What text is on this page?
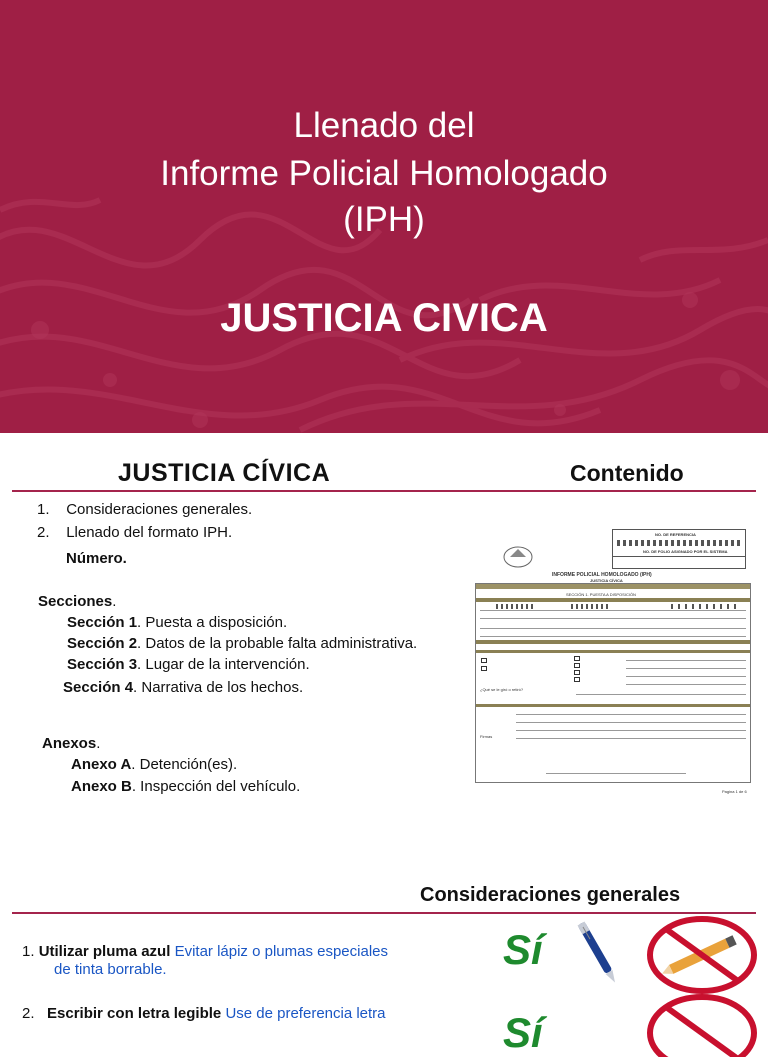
Llenado del
Informe Policial Homologado
(IPH)
JUSTICIA CIVICA
JUSTICIA CÍVICA	Contenido
1. Consideraciones generales.
2. Llenado del formato IPH.
Número.
Secciones.
Sección 1. Puesta a disposición.
Sección 2. Datos de la probable falta administrativa.
Sección 3. Lugar de la intervención.
Sección 4. Narrativa de los hechos.
Anexos.
Anexo A. Detención(es).
Anexo B. Inspección del vehículo.
NO. DE REFERENCIA
NO. DE FOLIO ASIGNADO POR EL SISTEMA
INFORME POLICIAL HOMOLOGADO (IPH)
JUSTICIA CÍVICA
SECCIÓN 1. PUESTA A DISPOSICIÓN
¿Qué se le giró o retiró?
Firmas
Pagina 1 de 6
Consideraciones generales
1. Utilizar pluma azul Evitar lápiz o plumas especiales
de tinta borrable.
2. Escribir con letra legible Use de preferencia letra
Sí
Sí
